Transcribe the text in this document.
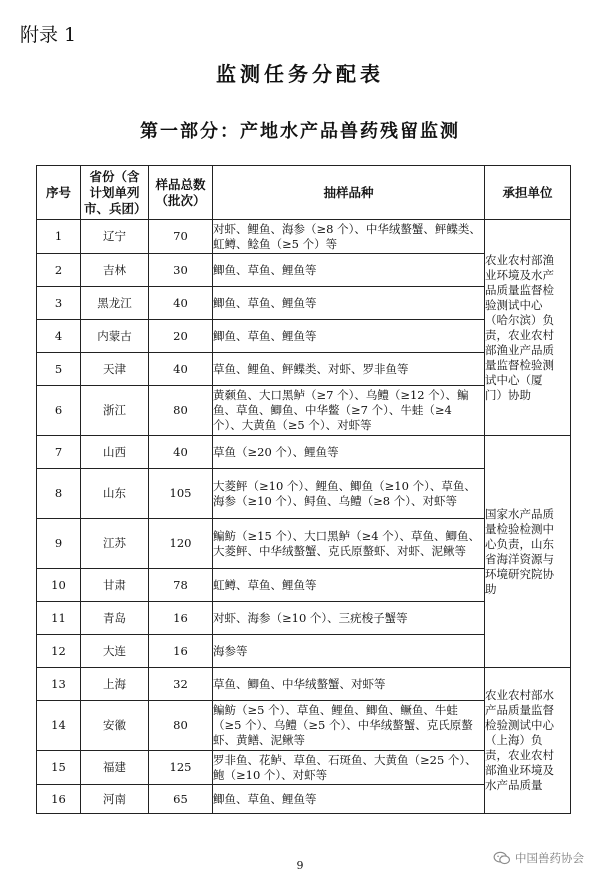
附录 1
监测任务分配表
第一部分：产地水产品兽药残留监测
序号	省份（含计划单列市、兵团）	样品总数（批次）	抽样品种	承担单位
1	辽宁	70	对虾、鲤鱼、海参（≥8 个）、中华绒螯蟹、鲆鲽类、虹鳟、鲶鱼（≥5 个）等	农业农村部渔业环境及水产品质量监督检验测试中心（哈尔滨）负责，农业农村部渔业产品质量监督检验测试中心（厦门）协助

2	吉林	30	鲫鱼、草鱼、鲤鱼等	
3	黑龙江	40	鲫鱼、草鱼、鲤鱼等	
4	内蒙古	20	鲫鱼、草鱼、鲤鱼等	
5	天津	40	草鱼、鲤鱼、鲆鲽类、对虾、罗非鱼等	
6	浙江	80	黄颡鱼、大口黑鲈（≥7 个）、乌鳢（≥12 个）、鳊鱼、草鱼、鲫鱼、中华鳖（≥7 个）、牛蛙（≥4 个）、大黄鱼（≥5 个）、对虾等	
7	山西	40	草鱼（≥20 个）、鲤鱼等	国家水产品质量检验检测中心负责，山东省海洋资源与环境研究院协助

8	山东	105	大菱鲆（≥10 个）、鲤鱼、鲫鱼（≥10 个）、草鱼、海参（≥10 个）、鲟鱼、乌鳢（≥8 个）、对虾等	
9	江苏	120	鳊鲂（≥15 个）、大口黑鲈（≥4 个）、草鱼、鲫鱼、大菱鲆、中华绒螯蟹、克氏原螯虾、对虾、泥鳅等	
10	甘肃	78	虹鳟、草鱼、鲤鱼等	
11	青岛	16	对虾、海参（≥10 个）、三疣梭子蟹等	
12	大连	16	海参等	
13	上海	32	草鱼、鲫鱼、中华绒螯蟹、对虾等	农业农村部水产品质量监督检验测试中心（上海）负责，农业农村部渔业环境及水产品质量

14	安徽	80	鳊鲂（≥5 个）、草鱼、鲤鱼、鲫鱼、鳜鱼、牛蛙（≥5 个）、乌鳢（≥5 个）、中华绒螯蟹、克氏原螯虾、黄鳝、泥鳅等	
15	福建	125	罗非鱼、花鲈、草鱼、石斑鱼、大黄鱼（≥25 个）、鲍（≥10 个）、对虾等	
16	河南	65	鲫鱼、草鱼、鲤鱼等	
9
中国兽药协会
